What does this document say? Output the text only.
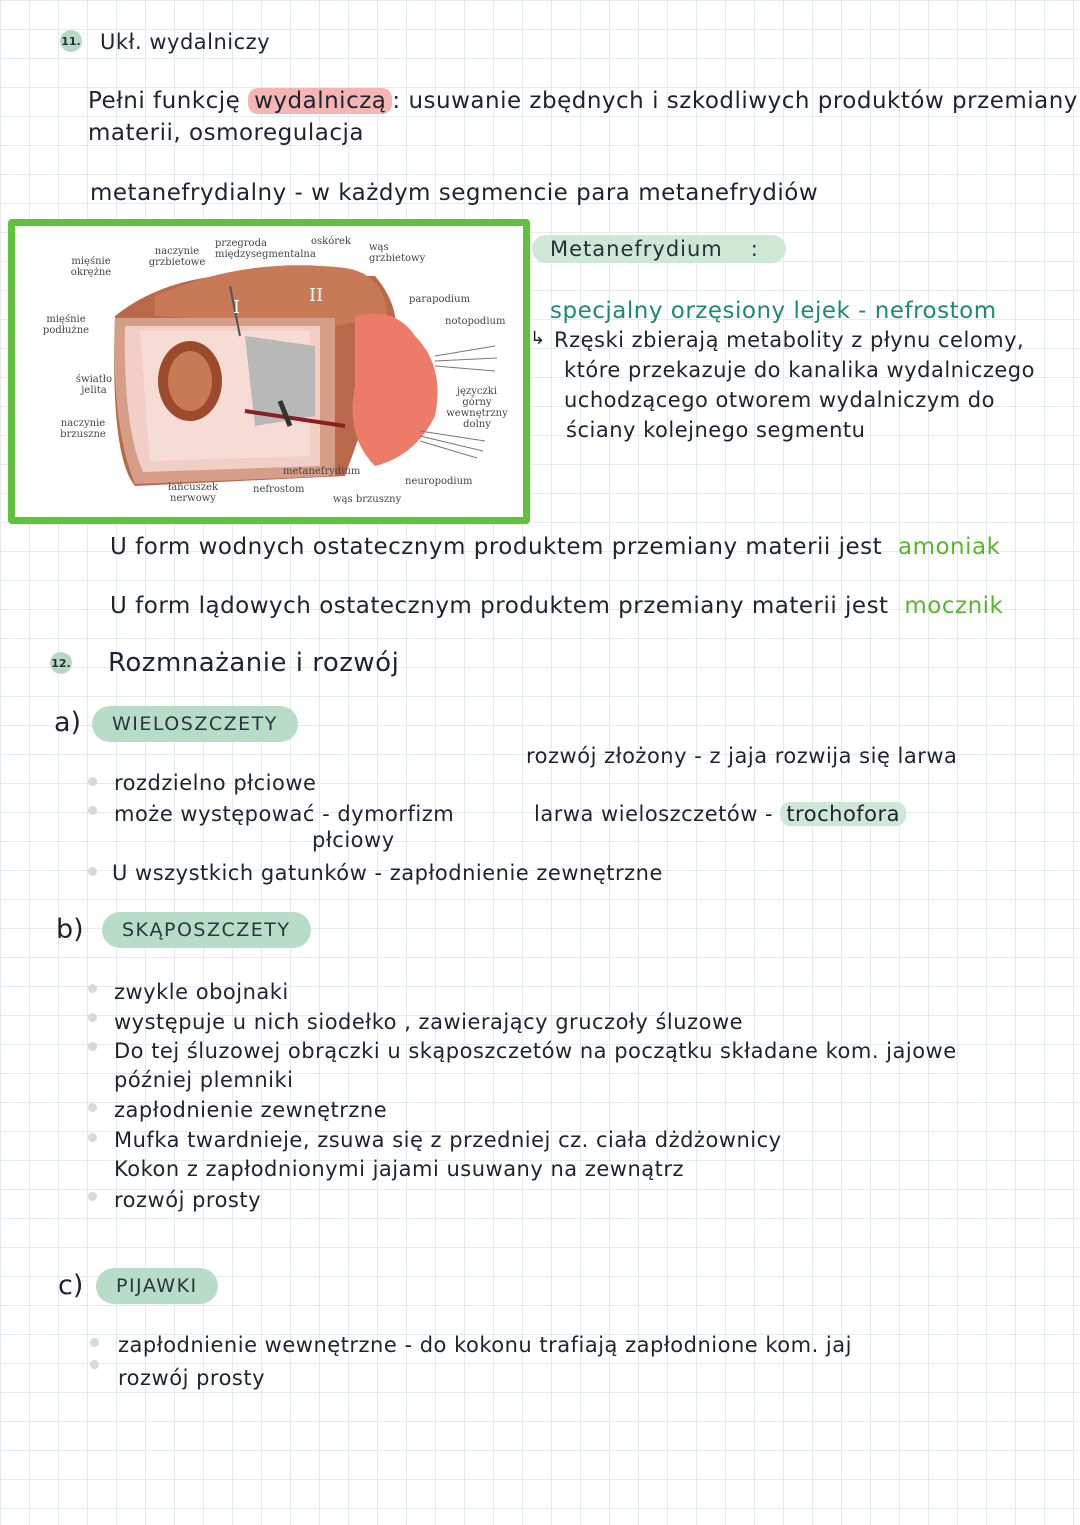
11. Ukł. wydalniczy
Pełni funkcję wydalniczą : usuwanie zbędnych i szkodliwych produktów przemiany
materii, osmoregulacja
metanefrydialny - w każdym segmencie para metanefrydiów
mięśnie okrężne
naczynie grzbietowe
przegroda międzysegmentalna
oskórek
wąs grzbietowy
mięśnie podłużne
parapodium
notopodium
światło jelita	języczki górny wewnętrzny dolny
naczynie brzuszne
metanefrydium
neuropodium
łańcuszek nerwowy
nefrostom
wąs brzuszny
I
II
Metanefrydium :
specjalny orzęsiony lejek - nefrostom
↳ Rzęski zbierają metabolity z płynu celomy,
które przekazuje do kanalika wydalniczego
uchodzącego otworem wydalniczym do
ściany kolejnego segmentu
U form wodnych ostatecznym produktem przemiany materii jest amoniak
U form lądowych ostatecznym produktem przemiany materii jest mocznik
12. Rozmnażanie i rozwój
a)	WIELOSZCZETY
rozwój złożony - z jaja rozwija się larwa
larwa wieloszczetów - trochofora
rozdzielno płciowe
może występować - dymorfizm
płciowy
U wszystkich gatunków - zapłodnienie zewnętrzne
b)	SKĄPOSZCZETY
zwykle obojnaki
występuje u nich siodełko , zawierający gruczoły śluzowe
Do tej śluzowej obrączki u skąposzczetów na początku składane kom. jajowe
później plemniki
zapłodnienie zewnętrzne
Mufka twardnieje, zsuwa się z przedniej cz. ciała dżdżownicy
Kokon z zapłodnionymi jajami usuwany na zewnątrz
rozwój prosty
c)	PIJAWKI
zapłodnienie wewnętrzne - do kokonu trafiają zapłodnione kom. jaj
rozwój prosty
